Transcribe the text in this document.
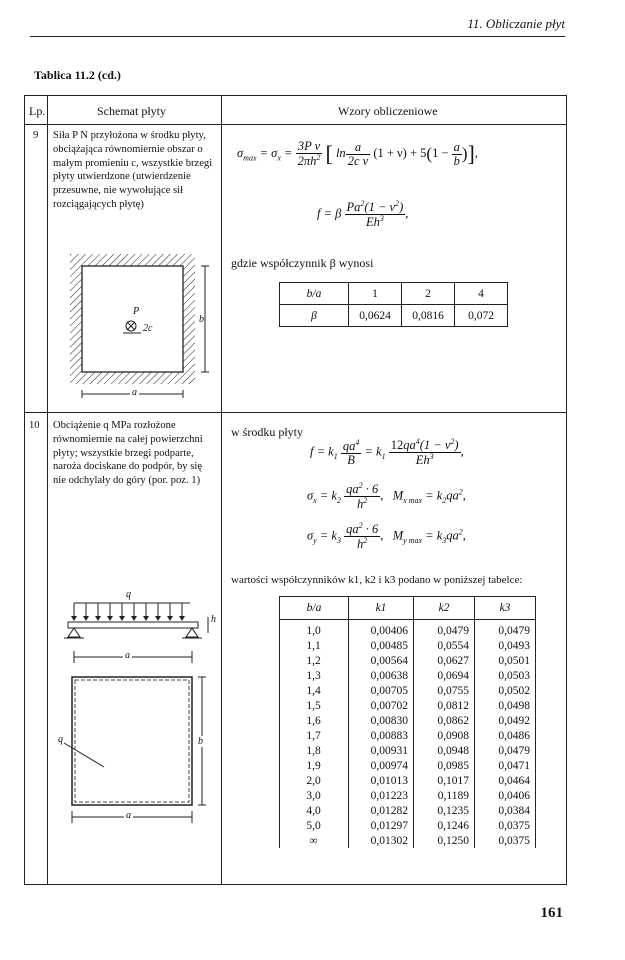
11. Obliczanie płyt
Tablica 11.2 (cd.)
Lp.	Schemat płyty	Wzory obliczeniowe
9 Siła P N przyłożona w środku płyty, obciążająca równomiernie obszar o małym promieniu c, wszystkie brzegi płyty utwierdzone (utwierdzenie przesuwne, nie wywołujące sił rozciągających płytę)
P
2c
b
a
$\sigma_{max} = \sigma_x = \frac{\text{3P ν}}{2\pi h^2}$ [ $\ln \frac{a}{\text{2c ν}} (1 + \nu) + 5(1 - \frac{a}{b}$ )],
f = β $\frac{Pa^2(1 - \nu^2)}{Eh^3}$ ,
gdzie współczynnik β wynosi
b/a	1	2	4
β	0,0624	0,0816	0,072
10 Obciążenie q MPa rozłożone równomiernie na całej powierzchni płyty; wszystkie brzegi podparte, naroża dociskane do podpór, by się nie odchylały do góry (por. poz. 1)
q
h
a
q	b
a
w środku płyty
$f = k_1 \frac{qa^4}{B} = k_1 \frac{12qa^4(1 - \nu^2)}{Eh^3}$ ,
$\sigma_x = k_2 \frac{qa^2 \cdot 6}{h^2}$ ,   $M_{x max} = k_2qa^2$,
$\sigma_y = k_3 \frac{qa^2 \cdot 6}{h^2}$ ,   $M_{y max} = k_3qa^2$,
wartości współczynników k1, k2 i k3 podano w poniższej tabelce:
b/a	k1	k2	k3
1,0	0,00406	0,0479	0,0479
1,1	0,00485	0,0554	0,0493
1,2	0,00564	0,0627	0,0501
1,3	0,00638	0,0694	0,0503
1,4	0,00705	0,0755	0,0502
1,5	0,00702	0,0812	0,0498
1,6	0,00830	0,0862	0,0492
1,7	0,00883	0,0908	0,0486
1,8	0,00931	0,0948	0,0479
1,9	0,00974	0,0985	0,0471
2,0	0,01013	0,1017	0,0464
3,0	0,01223	0,1189	0,0406
4,0	0,01282	0,1235	0,0384
5,0	0,01297	0,1246	0,0375
∞	0,01302	0,1250	0,0375
161
